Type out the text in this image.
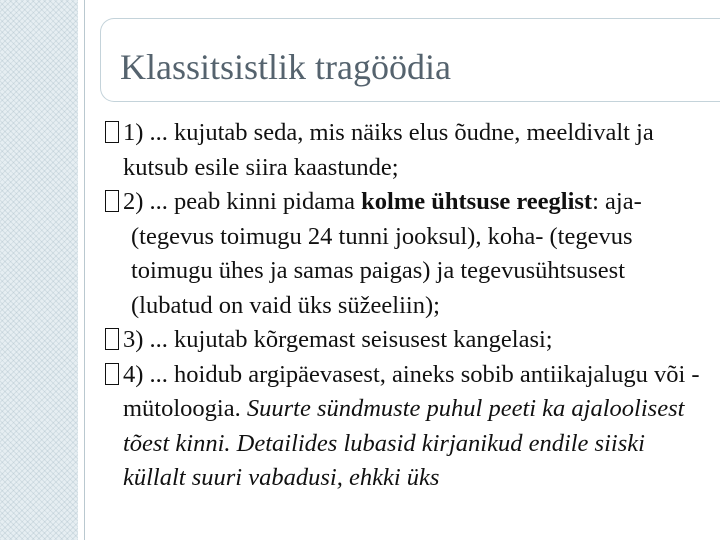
Klassitsistlik tragöödia

1) ... kujutab seda, mis näiks elus õudne, meeldivalt ja kutsub esile siira kaastunde;

2) ... peab kinni pidama kolme ühtsuse reeglist: aja- (tegevus toimugu 24 tunni jooksul), koha- (tegevus toimugu ühes ja samas paigas) ja tegevusühtsusest (lubatud on vaid üks süžeeliin);

3) ... kujutab kõrgemast seisusest kangelasi;

4) ... hoidub argipäevasest, aineks sobib antiikajalugu või -mütoloogia. Suurte sündmuste puhul peeti ka ajaloolisest tõest kinni. Detailides lubasid kirjanikud endile siiski küllalt suuri vabadusi, ehkki üks
